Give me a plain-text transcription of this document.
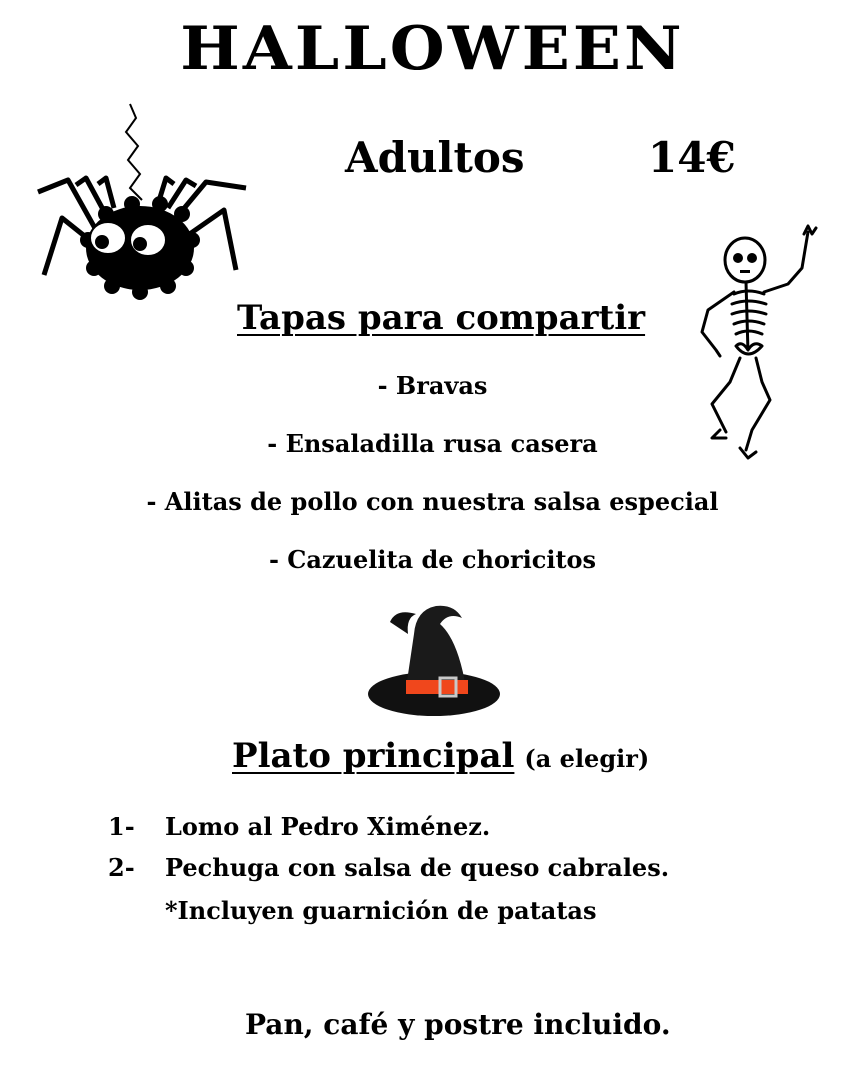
HALLOWEEN
Adultos	14€
Tapas para compartir
- Bravas
- Ensaladilla rusa casera
- Alitas de pollo con nuestra salsa especial
- Cazuelita de choricitos
Plato principal (a elegir)
1- Lomo al Pedro Ximénez.
2- Pechuga con salsa de queso cabrales.
*Incluyen guarnición de patatas
Pan, café y postre incluido.
